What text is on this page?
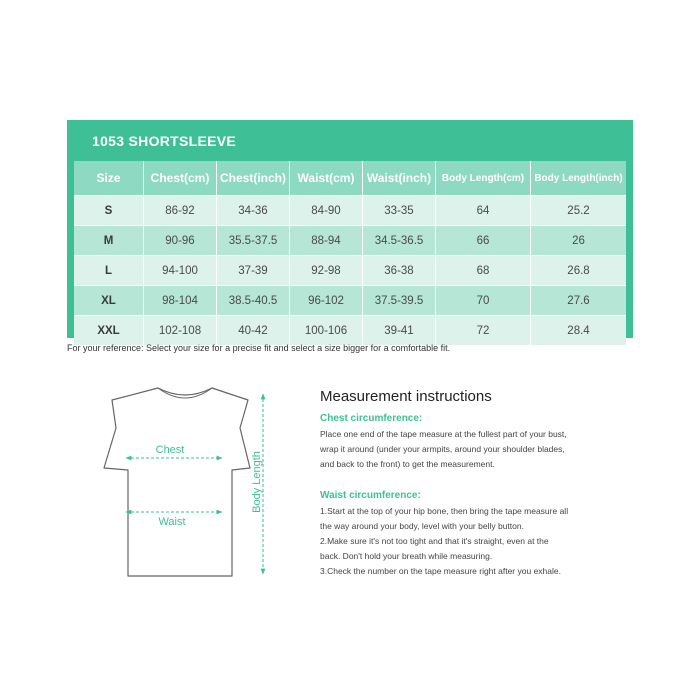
1053 SHORTSLEEVE
Size	Chest(cm)	Chest(inch)	Waist(cm)	Waist(inch)	Body Length(cm)	Body Length(inch)
S	86-92	34-36	84-90	33-35	64	25.2
M	90-96	35.5-37.5	88-94	34.5-36.5	66	26
L	94-100	37-39	92-98	36-38	68	26.8
XL	98-104	38.5-40.5	96-102	37.5-39.5	70	27.6
XXL	102-108	40-42	100-106	39-41	72	28.4
For your reference: Select your size for a precise fit and select a size bigger for a comfortable fit.
Chest
Waist
Body Length
Measurement instructions
Chest circumference:

Place one end of the tape measure at the fullest part of your bust,

wrap it around (under your armpits, around your shoulder blades,

and back to the front) to get the measurement.

Waist circumference:

1.Start at the top of your hip bone, then bring the tape measure all

the way around your body, level with your belly button.

2.Make sure it's not too tight and that it's straight, even at the

back. Don't hold your breath while measuring.

3.Check the number on the tape measure right after you exhale.
